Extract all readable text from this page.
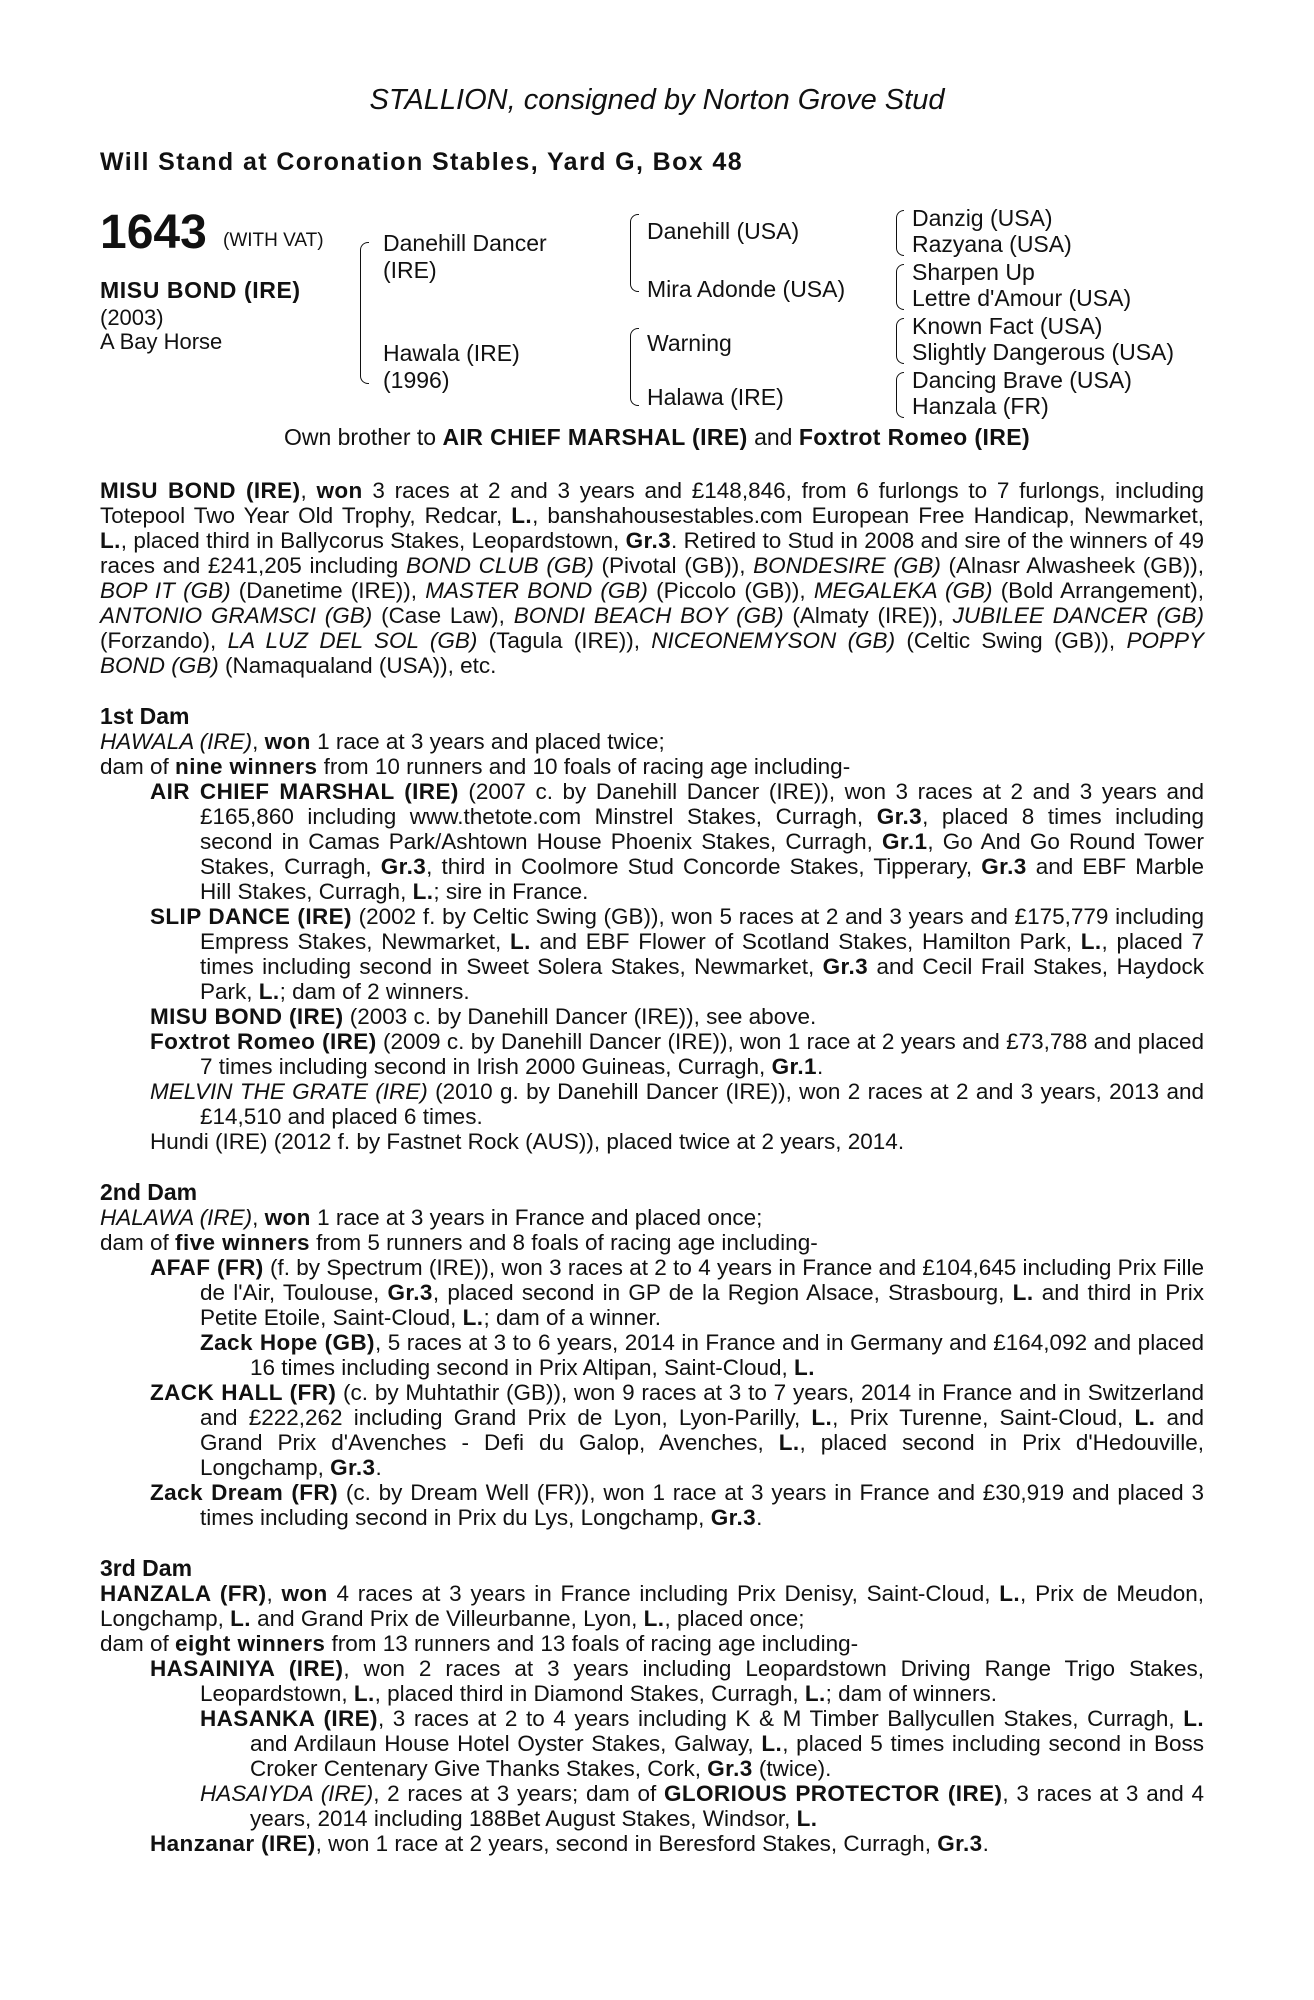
STALLION, consigned by Norton Grove Stud
Will Stand at Coronation Stables, Yard G, Box 48
1643 (WITH VAT)
MISU BOND (IRE)
(2003)
A Bay Horse
Danehill Dancer
(IRE)
Hawala (IRE)
(1996)
Danehill (USA)
Mira Adonde (USA)
Warning
Halawa (IRE)
Danzig (USA)
Razyana (USA)
Sharpen Up
Lettre d'Amour (USA)
Known Fact (USA)
Slightly Dangerous (USA)
Dancing Brave (USA)
Hanzala (FR)
Own brother to AIR CHIEF MARSHAL (IRE) and Foxtrot Romeo (IRE)

MISU BOND (IRE), won 3 races at 2 and 3 years and £148,846, from 6 furlongs to 7 furlongs, including Totepool Two Year Old Trophy, Redcar, L., banshahousestables.com European Free Handicap, Newmarket, L., placed third in Ballycorus Stakes, Leopardstown, Gr.3. Retired to Stud in 2008 and sire of the winners of 49 races and £241,205 including BOND CLUB (GB) (Pivotal (GB)), BONDESIRE (GB) (Alnasr Alwasheek (GB)), BOP IT (GB) (Danetime (IRE)), MASTER BOND (GB) (Piccolo (GB)), MEGALEKA (GB) (Bold Arrangement), ANTONIO GRAMSCI (GB) (Case Law), BONDI BEACH BOY (GB) (Almaty (IRE)), JUBILEE DANCER (GB) (Forzando), LA LUZ DEL SOL (GB) (Tagula (IRE)), NICEONEMYSON (GB) (Celtic Swing (GB)), POPPY BOND (GB) (Namaqualand (USA)), etc.

1st Dam

HAWALA (IRE), won 1 race at 3 years and placed twice;

dam of nine winners from 10 runners and 10 foals of racing age including-

AIR CHIEF MARSHAL (IRE) (2007 c. by Danehill Dancer (IRE)), won 3 races at 2 and 3 years and £165,860 including www.thetote.com Minstrel Stakes, Curragh, Gr.3, placed 8 times including second in Camas Park/Ashtown House Phoenix Stakes, Curragh, Gr.1, Go And Go Round Tower Stakes, Curragh, Gr.3, third in Coolmore Stud Concorde Stakes, Tipperary, Gr.3 and EBF Marble Hill Stakes, Curragh, L.; sire in France.

SLIP DANCE (IRE) (2002 f. by Celtic Swing (GB)), won 5 races at 2 and 3 years and £175,779 including Empress Stakes, Newmarket, L. and EBF Flower of Scotland Stakes, Hamilton Park, L., placed 7 times including second in Sweet Solera Stakes, Newmarket, Gr.3 and Cecil Frail Stakes, Haydock Park, L.; dam of 2 winners.

MISU BOND (IRE) (2003 c. by Danehill Dancer (IRE)), see above.

Foxtrot Romeo (IRE) (2009 c. by Danehill Dancer (IRE)), won 1 race at 2 years and £73,788 and placed 7 times including second in Irish 2000 Guineas, Curragh, Gr.1.

MELVIN THE GRATE (IRE) (2010 g. by Danehill Dancer (IRE)), won 2 races at 2 and 3 years, 2013 and £14,510 and placed 6 times.

Hundi (IRE) (2012 f. by Fastnet Rock (AUS)), placed twice at 2 years, 2014.

2nd Dam

HALAWA (IRE), won 1 race at 3 years in France and placed once;

dam of five winners from 5 runners and 8 foals of racing age including-

AFAF (FR) (f. by Spectrum (IRE)), won 3 races at 2 to 4 years in France and £104,645 including Prix Fille de l'Air, Toulouse, Gr.3, placed second in GP de la Region Alsace, Strasbourg, L. and third in Prix Petite Etoile, Saint-Cloud, L.; dam of a winner.

Zack Hope (GB), 5 races at 3 to 6 years, 2014 in France and in Germany and £164,092 and placed 16 times including second in Prix Altipan, Saint-Cloud, L.

ZACK HALL (FR) (c. by Muhtathir (GB)), won 9 races at 3 to 7 years, 2014 in France and in Switzerland and £222,262 including Grand Prix de Lyon, Lyon-Parilly, L., Prix Turenne, Saint-Cloud, L. and Grand Prix d'Avenches - Defi du Galop, Avenches, L., placed second in Prix d'Hedouville, Longchamp, Gr.3.

Zack Dream (FR) (c. by Dream Well (FR)), won 1 race at 3 years in France and £30,919 and placed 3 times including second in Prix du Lys, Longchamp, Gr.3.

3rd Dam

HANZALA (FR), won 4 races at 3 years in France including Prix Denisy, Saint-Cloud, L., Prix de Meudon, Longchamp, L. and Grand Prix de Villeurbanne, Lyon, L., placed once;

dam of eight winners from 13 runners and 13 foals of racing age including-

HASAINIYA (IRE), won 2 races at 3 years including Leopardstown Driving Range Trigo Stakes, Leopardstown, L., placed third in Diamond Stakes, Curragh, L.; dam of winners.

HASANKA (IRE), 3 races at 2 to 4 years including K & M Timber Ballycullen Stakes, Curragh, L. and Ardilaun House Hotel Oyster Stakes, Galway, L., placed 5 times including second in Boss Croker Centenary Give Thanks Stakes, Cork, Gr.3 (twice).

HASAIYDA (IRE), 2 races at 3 years; dam of GLORIOUS PROTECTOR (IRE), 3 races at 3 and 4 years, 2014 including 188Bet August Stakes, Windsor, L.

Hanzanar (IRE), won 1 race at 2 years, second in Beresford Stakes, Curragh, Gr.3.
